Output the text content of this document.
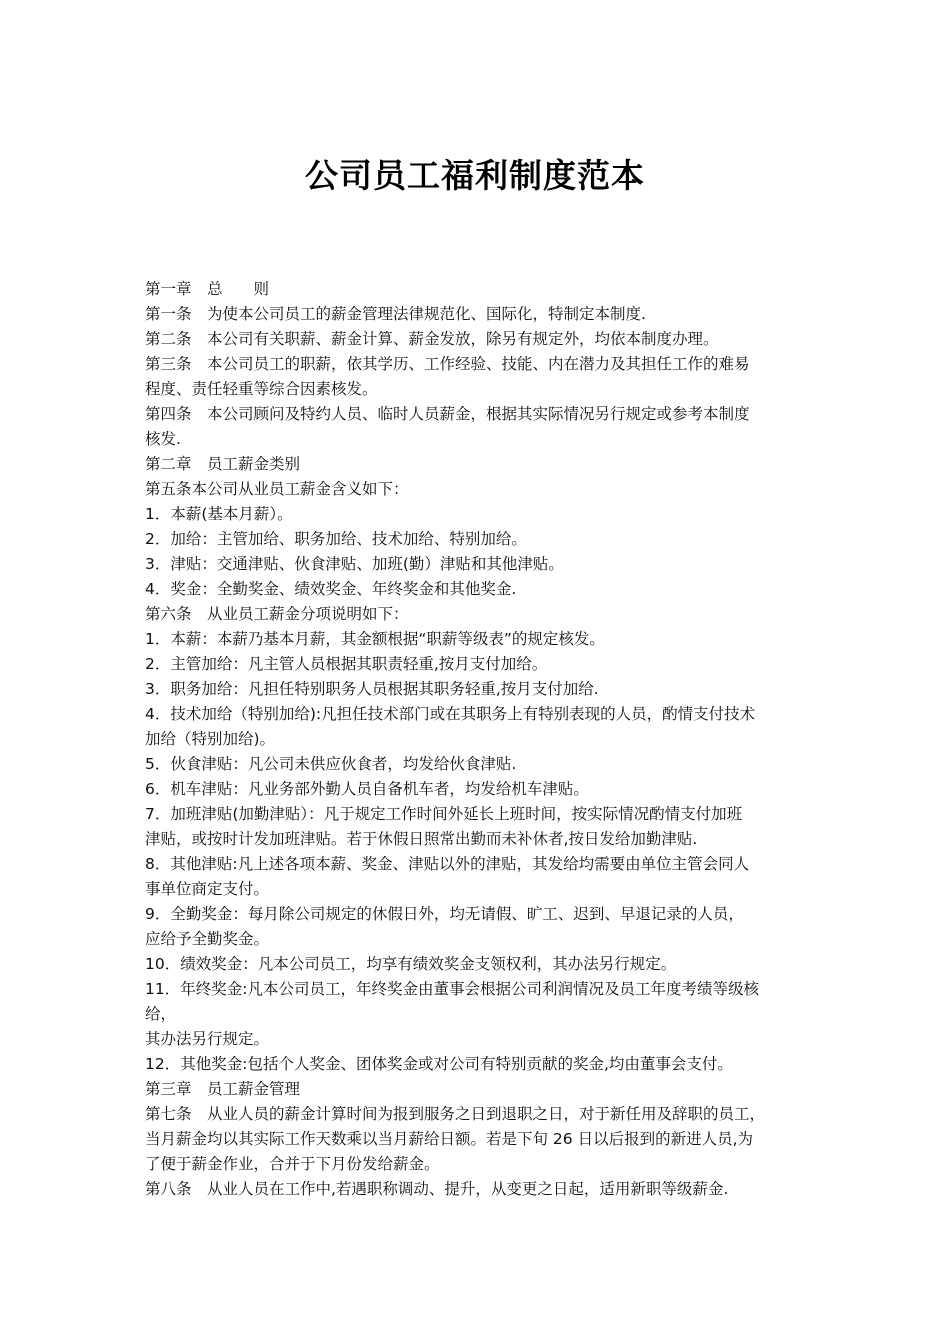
公司员工福利制度范本
第一章　总　　则
第一条　为使本公司员工的薪金管理法律规范化、国际化，特制定本制度.
第二条　本公司有关职薪、薪金计算、薪金发放，除另有规定外，均依本制度办理。
第三条　本公司员工的职薪，依其学历、工作经验、技能、内在潜力及其担任工作的难易
程度、责任轻重等综合因素核发。
第四条　本公司顾问及特约人员、临时人员薪金，根据其实际情况另行规定或参考本制度
核发.
第二章　员工薪金类别
第五条本公司从业员工薪金含义如下：
1．本薪(基本月薪）。
2．加给：主管加给、职务加给、技术加给、特别加给。
3．津贴：交通津贴、伙食津贴、加班(勤）津贴和其他津贴。
4．奖金：全勤奖金、绩效奖金、年终奖金和其他奖金.
第六条　从业员工薪金分项说明如下：
1．本薪：本薪乃基本月薪，其金额根据“职薪等级表”的规定核发。
2．主管加给：凡主管人员根据其职责轻重,按月支付加给。
3．职务加给：凡担任特别职务人员根据其职务轻重,按月支付加给.
4．技术加给（特别加给):凡担任技术部门或在其职务上有特别表现的人员，酌情支付技术
加给（特别加给)。
5．伙食津贴：凡公司未供应伙食者，均发给伙食津贴.
6．机车津贴：凡业务部外勤人员自备机车者，均发给机车津贴。
7．加班津贴(加勤津贴）：凡于规定工作时间外延长上班时间，按实际情况酌情支付加班
津贴，或按时计发加班津贴。若于休假日照常出勤而未补休者,按日发给加勤津贴.
8．其他津贴:凡上述各项本薪、奖金、津贴以外的津贴，其发给均需要由单位主管会同人
事单位商定支付。
9．全勤奖金：每月除公司规定的休假日外，均无请假、旷工、迟到、早退记录的人员，
应给予全勤奖金。
10．绩效奖金：凡本公司员工，均享有绩效奖金支领权利，其办法另行规定。
11．年终奖金:凡本公司员工，年终奖金由董事会根据公司利润情况及员工年度考绩等级核
给，
其办法另行规定。
12．其他奖金:包括个人奖金、团体奖金或对公司有特别贡献的奖金,均由董事会支付。
第三章　员工薪金管理
第七条　从业人员的薪金计算时间为报到服务之日到退职之日，对于新任用及辞职的员工，
当月薪金均以其实际工作天数乘以当月薪给日额。若是下旬 26 日以后报到的新进人员,为
了便于薪金作业，合并于下月份发给薪金。
第八条　从业人员在工作中,若遇职称调动、提升，从变更之日起，适用新职等级薪金.
